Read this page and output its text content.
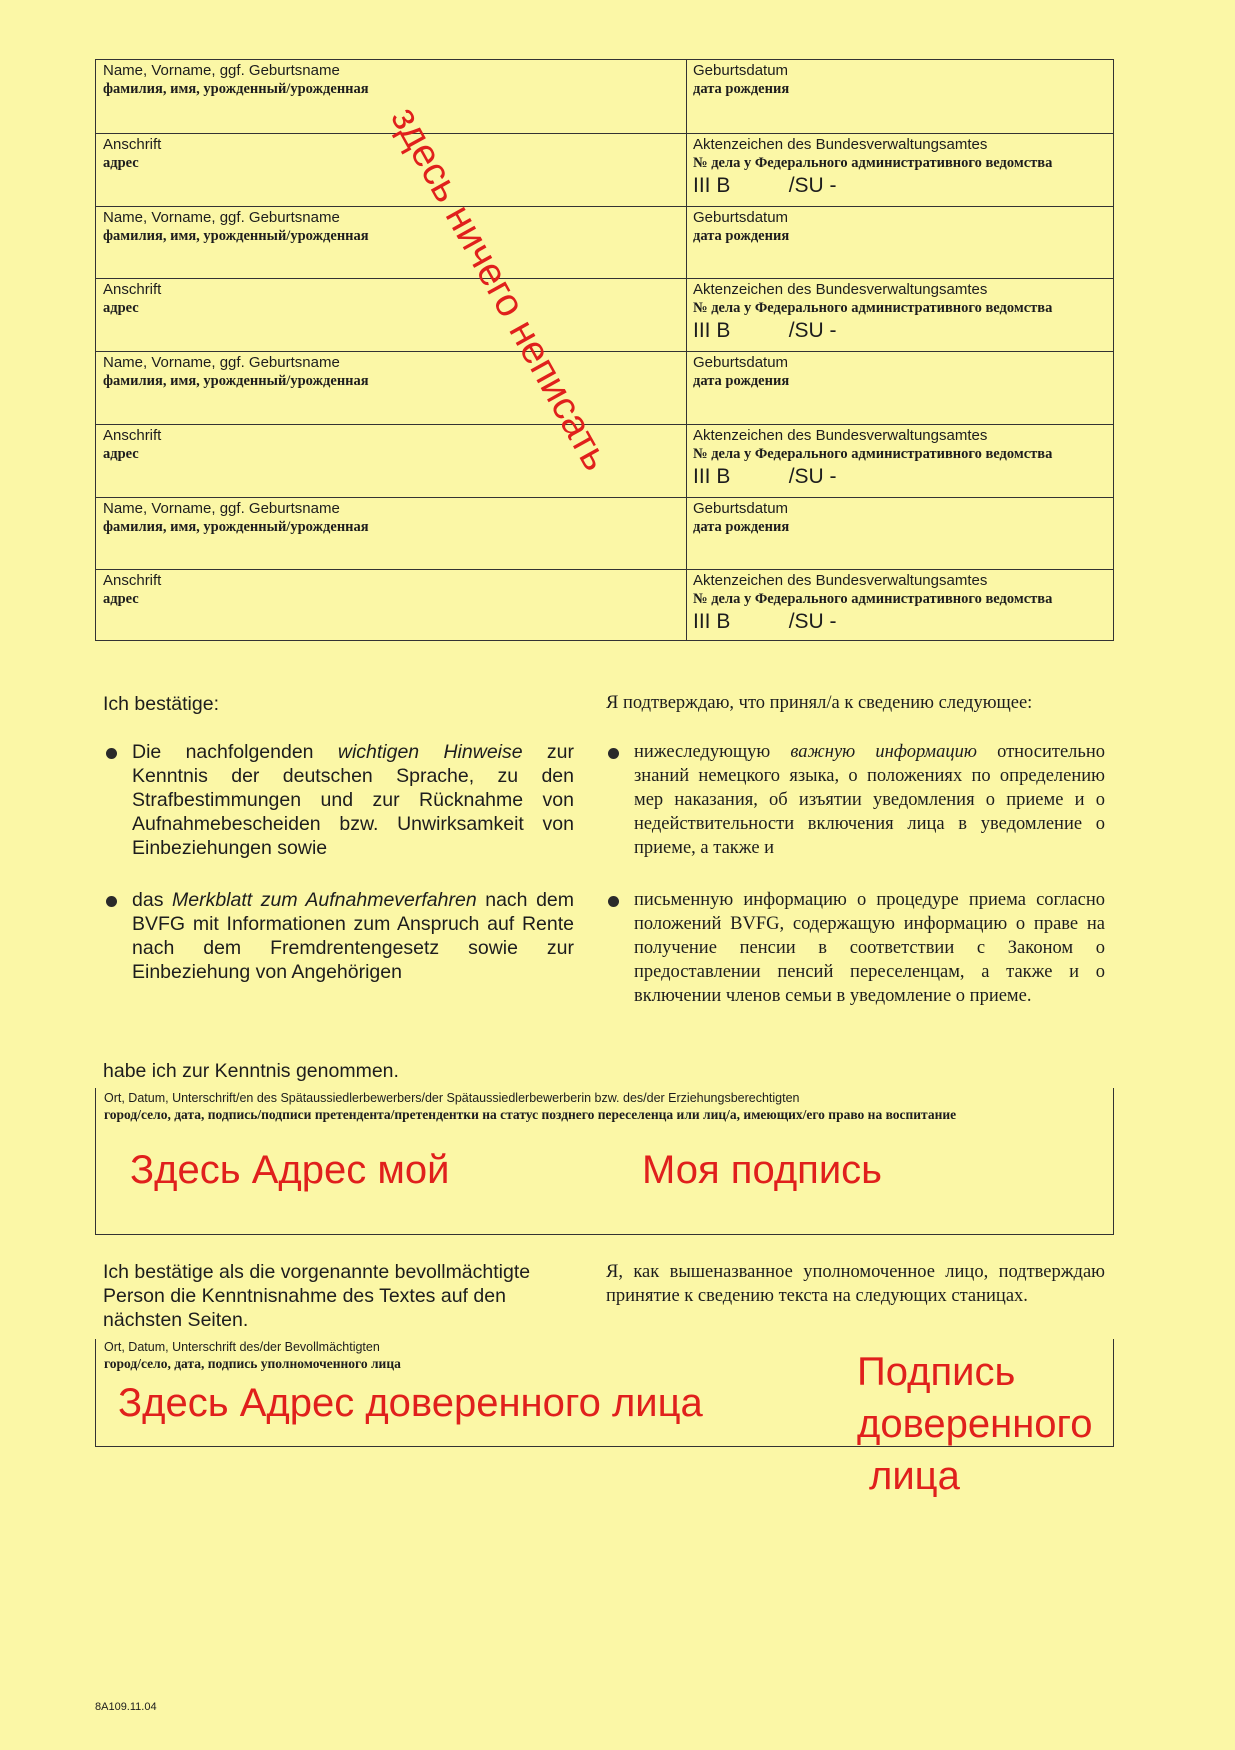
Name, Vorname, ggf. Geburtsname
фамилия, имя, урожденный/урожденная
Geburtsdatum
дата рождения
Anschrift
адрес
Aktenzeichen des Bundesverwaltungsamtes
№ дела у Федерального административного ведомства
III B          /SU -
Name, Vorname, ggf. Geburtsname
фамилия, имя, урожденный/урожденная
Geburtsdatum
дата рождения
Anschrift
адрес
Aktenzeichen des Bundesverwaltungsamtes
№ дела у Федерального административного ведомства
III B          /SU -
Name, Vorname, ggf. Geburtsname
фамилия, имя, урожденный/урожденная
Geburtsdatum
дата рождения
Anschrift
адрес
Aktenzeichen des Bundesverwaltungsamtes
№ дела у Федерального административного ведомства
III B          /SU -
Name, Vorname, ggf. Geburtsname
фамилия, имя, урожденный/урожденная
Geburtsdatum
дата рождения
Anschrift
адрес
Aktenzeichen des Bundesverwaltungsamtes
№ дела у Федерального административного ведомства
III B          /SU -
здесь ничего неписать
Ich bestätige:	Я подтверждаю, что принял/а к сведению следующее:
Die nachfolgenden wichtigen Hinweise zur Kenntnis der deutschen Sprache, zu den Strafbestimmungen und zur Rücknahme von Aufnahmebescheiden bzw. Unwirksamkeit von Einbeziehungen sowie
das Merkblatt zum Aufnahmeverfahren nach dem BVFG mit Informationen zum Anspruch auf Rente nach dem Fremdrentengesetz sowie zur Einbeziehung von Angehörigen
нижеследующую важную информацию относительно знаний немецкого языка, о положениях по определению мер наказания, об изъятии уведомления о приеме и о недействительности включения лица в уведомление о приеме, а также и
письменную информацию о процедуре приема согласно положений BVFG, содержащую информацию о праве на получение пенсии в соответствии с Законом о предоставлении пенсий переселенцам, а также и о включении членов семьи в уведомление о приеме.
habe ich zur Kenntnis genommen.
Ort, Datum, Unterschrift/en des Spätaussiedlerbewerbers/der Spätaussiedlerbewerberin bzw. des/der Erziehungsberechtigten
город/село, дата, подпись/подписи претендента/претендентки на статус позднего переселенца или лиц/а, имеющих/его право на воспитание
Здесь Адрес мой	Моя подпись
Ich bestätige als die vorgenannte bevollmächtigte Person die Kenntnisnahme des Textes auf den nächsten Seiten.
Я, как вышеназванное уполномоченное лицо, подтверждаю принятие к сведению текста на следующих станицах.
Ort, Datum, Unterschrift des/der Bevollmächtigten
город/село, дата, подпись уполномоченного лица
Здесь Адрес доверенного лица
Подпись
доверенного
лица
8A109.11.04
